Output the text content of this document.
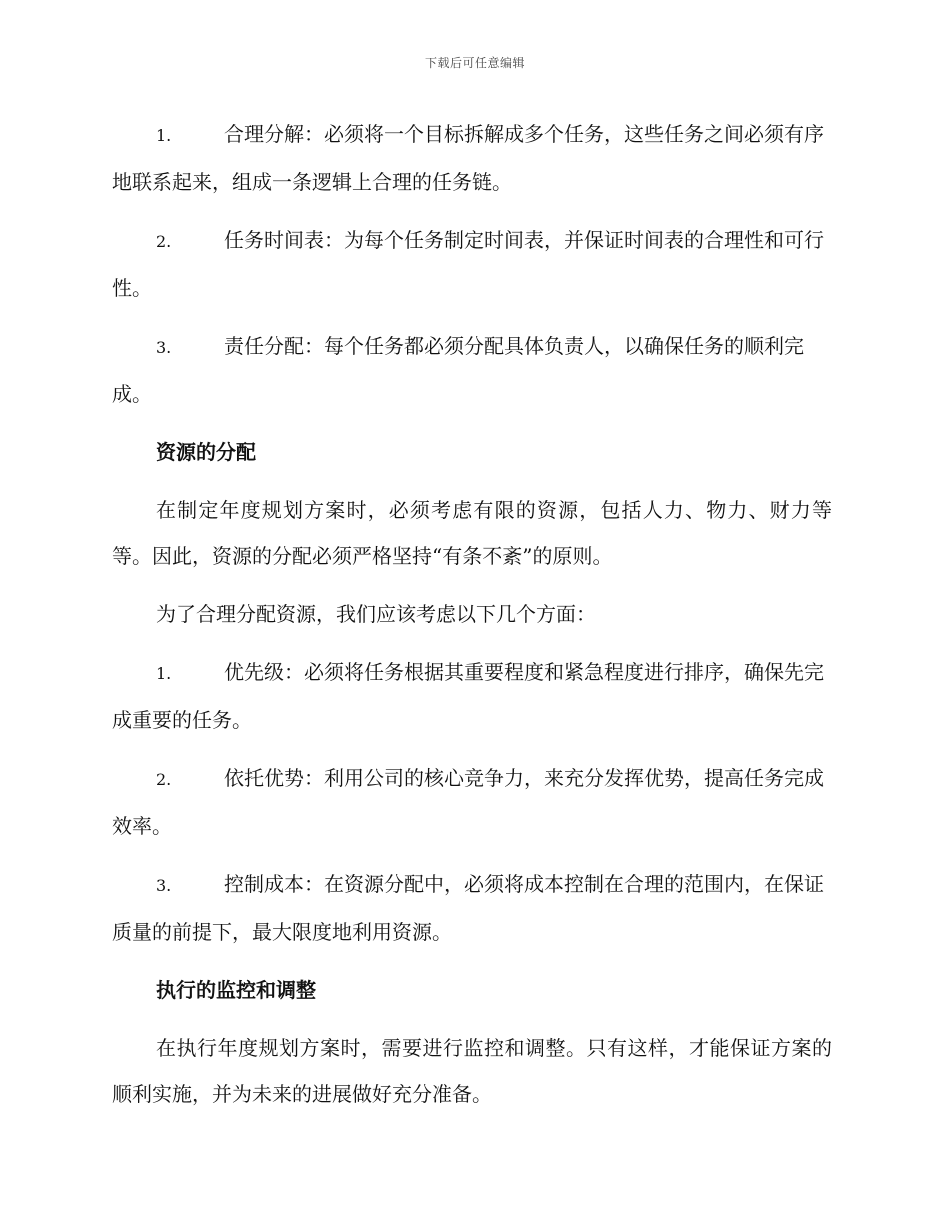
下载后可任意编辑

1.	合理分解：必须将一个目标拆解成多个任务，这些任务之间必须有序地联系起来，组成一条逻辑上合理的任务链。

2.	任务时间表：为每个任务制定时间表，并保证时间表的合理性和可行性。

3.	责任分配：每个任务都必须分配具体负责人，以确保任务的顺利完成。

资源的分配

在制定年度规划方案时，必须考虑有限的资源，包括人力、物力、财力等等。因此，资源的分配必须严格坚持“有条不紊”的原则。

为了合理分配资源，我们应该考虑以下几个方面：

1.	优先级：必须将任务根据其重要程度和紧急程度进行排序，确保先完成重要的任务。

2.	依托优势：利用公司的核心竞争力，来充分发挥优势，提高任务完成效率。

3.	控制成本：在资源分配中，必须将成本控制在合理的范围内，在保证质量的前提下，最大限度地利用资源。

执行的监控和调整

在执行年度规划方案时，需要进行监控和调整。只有这样，才能保证方案的顺利实施，并为未来的进展做好充分准备。
